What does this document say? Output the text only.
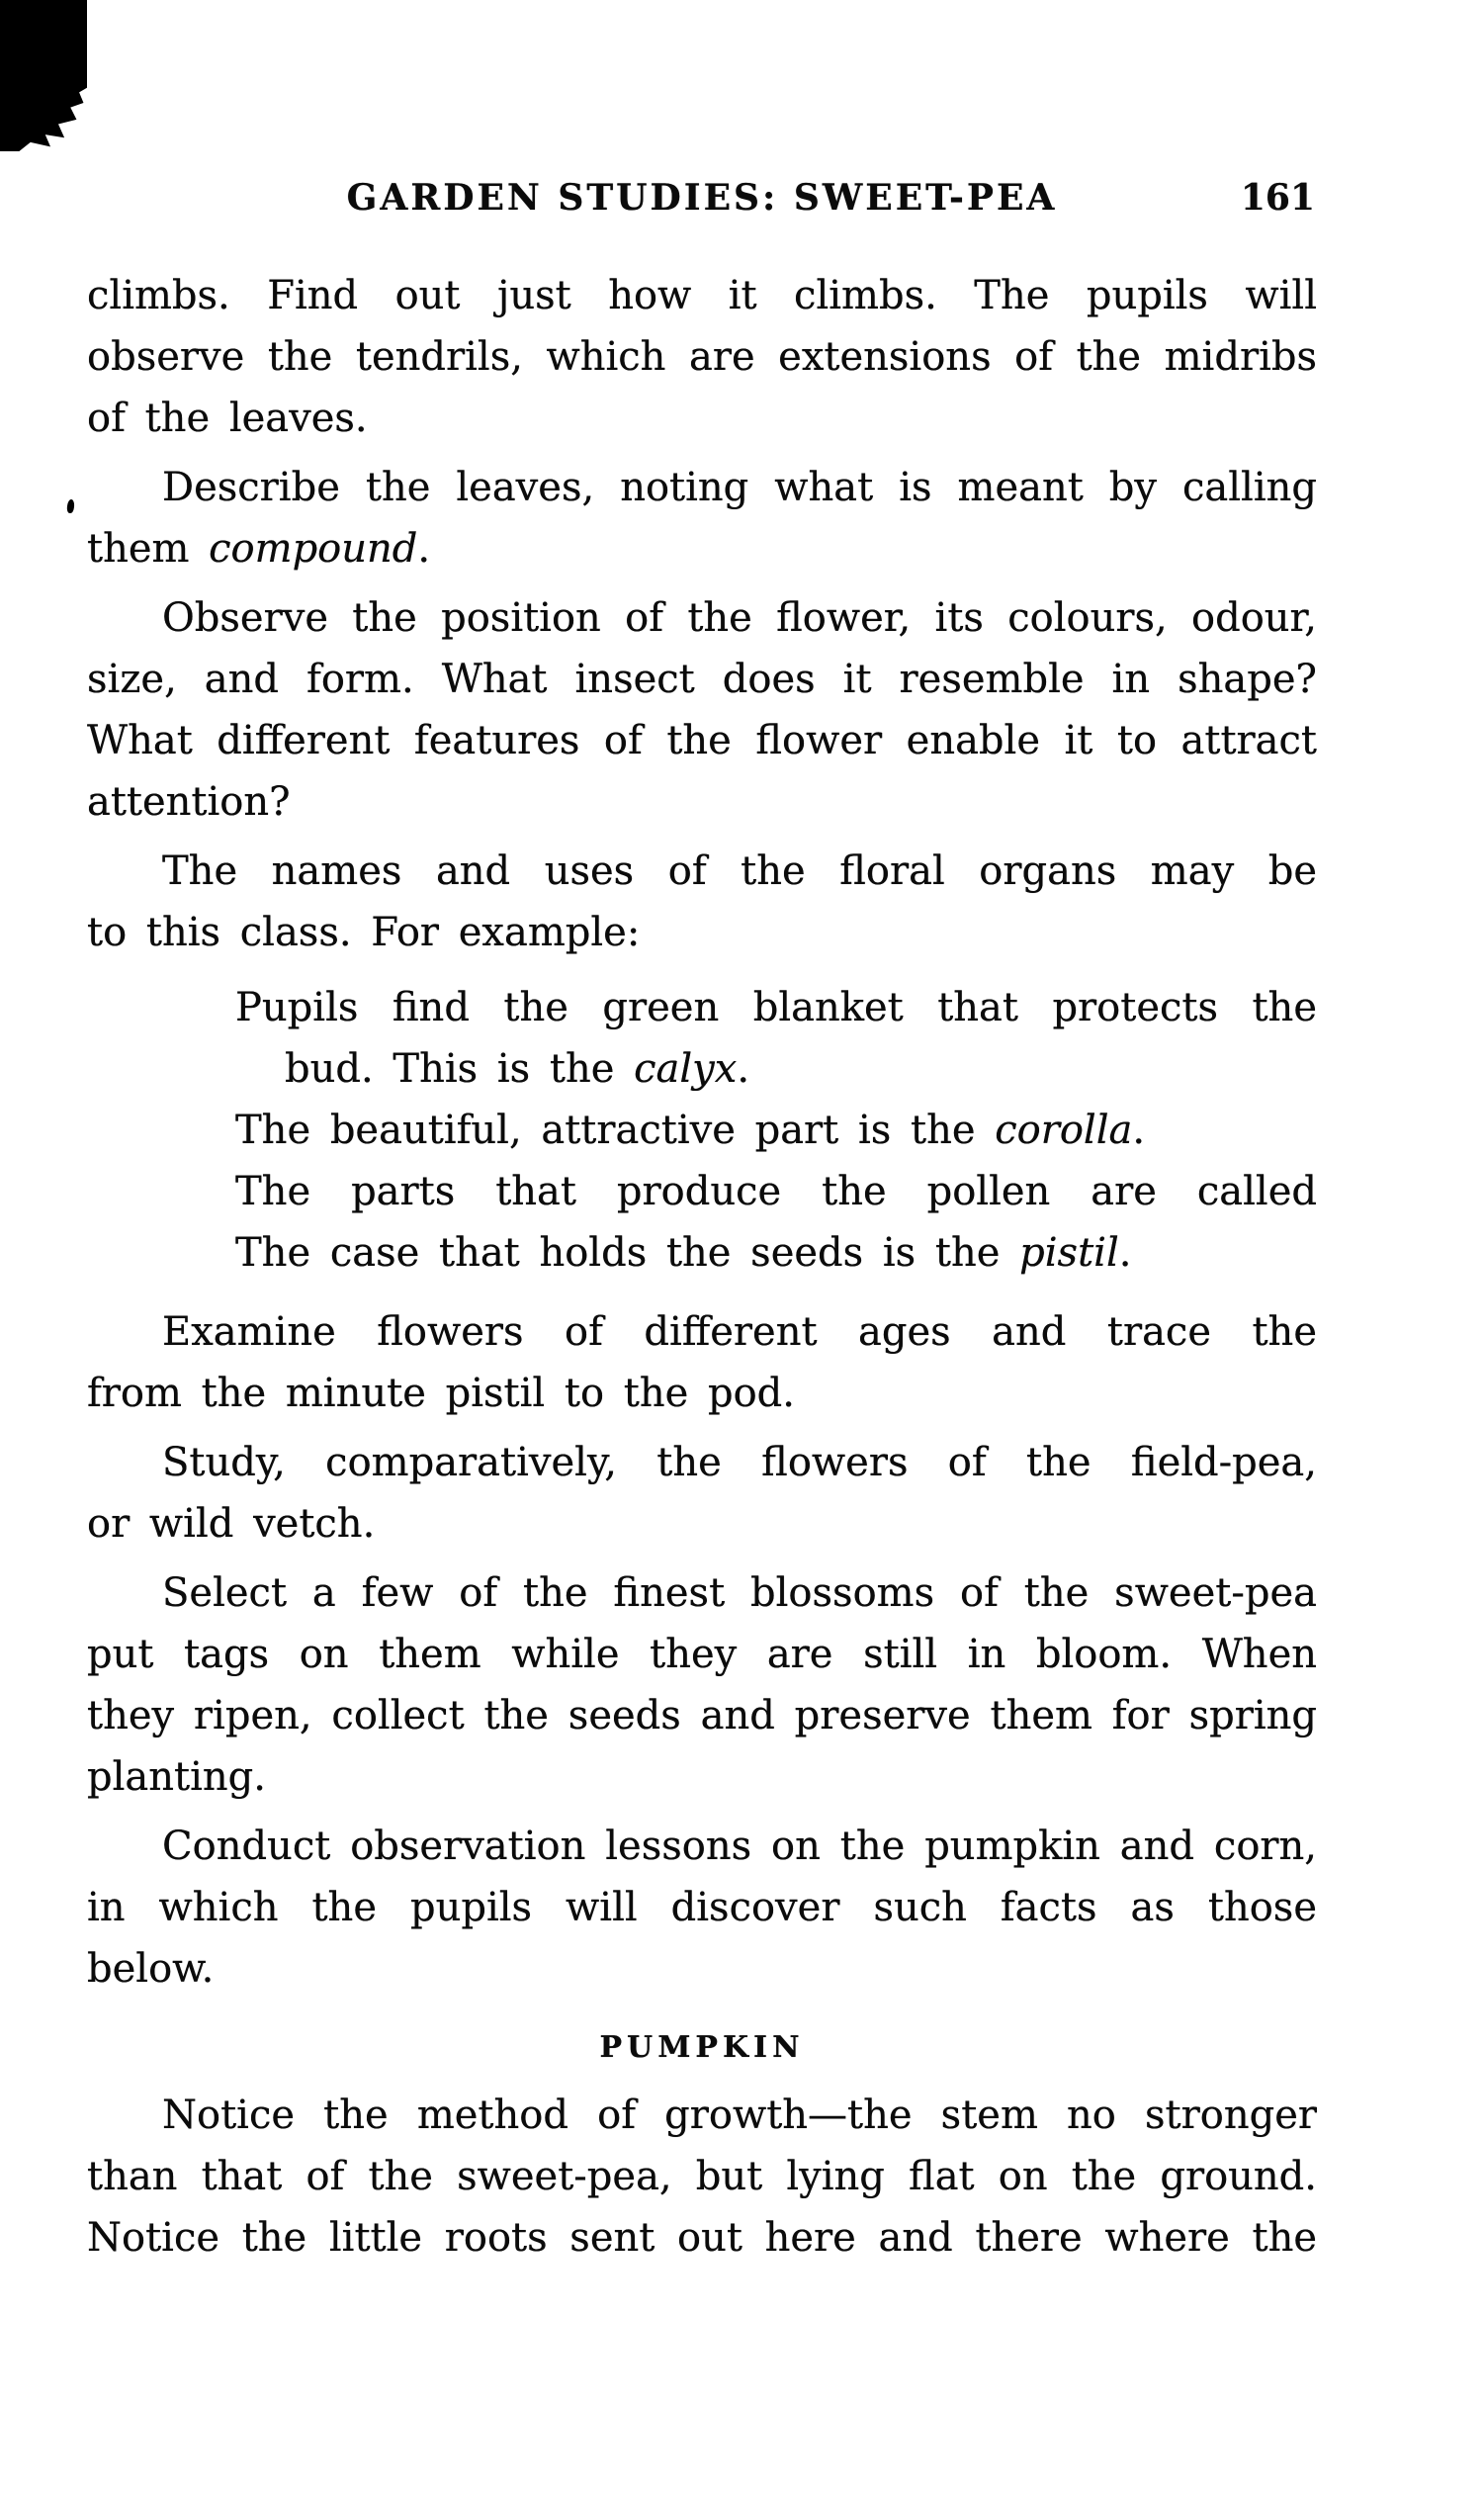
GARDEN STUDIES: SWEET-PEA	161
climbs. Find out just how it climbs. The pupils will
observe the tendrils, which are extensions of the midribs
of the leaves.
Describe the leaves, noting what is meant by calling
them compound.
Observe the position of the flower, its colours, odour,
size, and form. What insect does it resemble in shape?
What different features of the flower enable it to attract
attention?
The names and uses of the floral organs may be
to this class. For example:
Pupils find the green blanket that protects the
bud. This is the calyx.
The beautiful, attractive part is the corolla.
The parts that produce the pollen are called
The case that holds the seeds is the pistil.
Examine flowers of different ages and trace the
from the minute pistil to the pod.
Study, comparatively, the flowers of the field-pea,
or wild vetch.
Select a few of the finest blossoms of the sweet-pea
put tags on them while they are still in bloom. When
they ripen, collect the seeds and preserve them for spring
planting.
Conduct observation lessons on the pumpkin and corn,
in which the pupils will discover such facts as those
below.
PUMPKIN
Notice the method of growth—the stem no stronger
than that of the sweet-pea, but lying flat on the ground.
Notice the little roots sent out here and there where the
